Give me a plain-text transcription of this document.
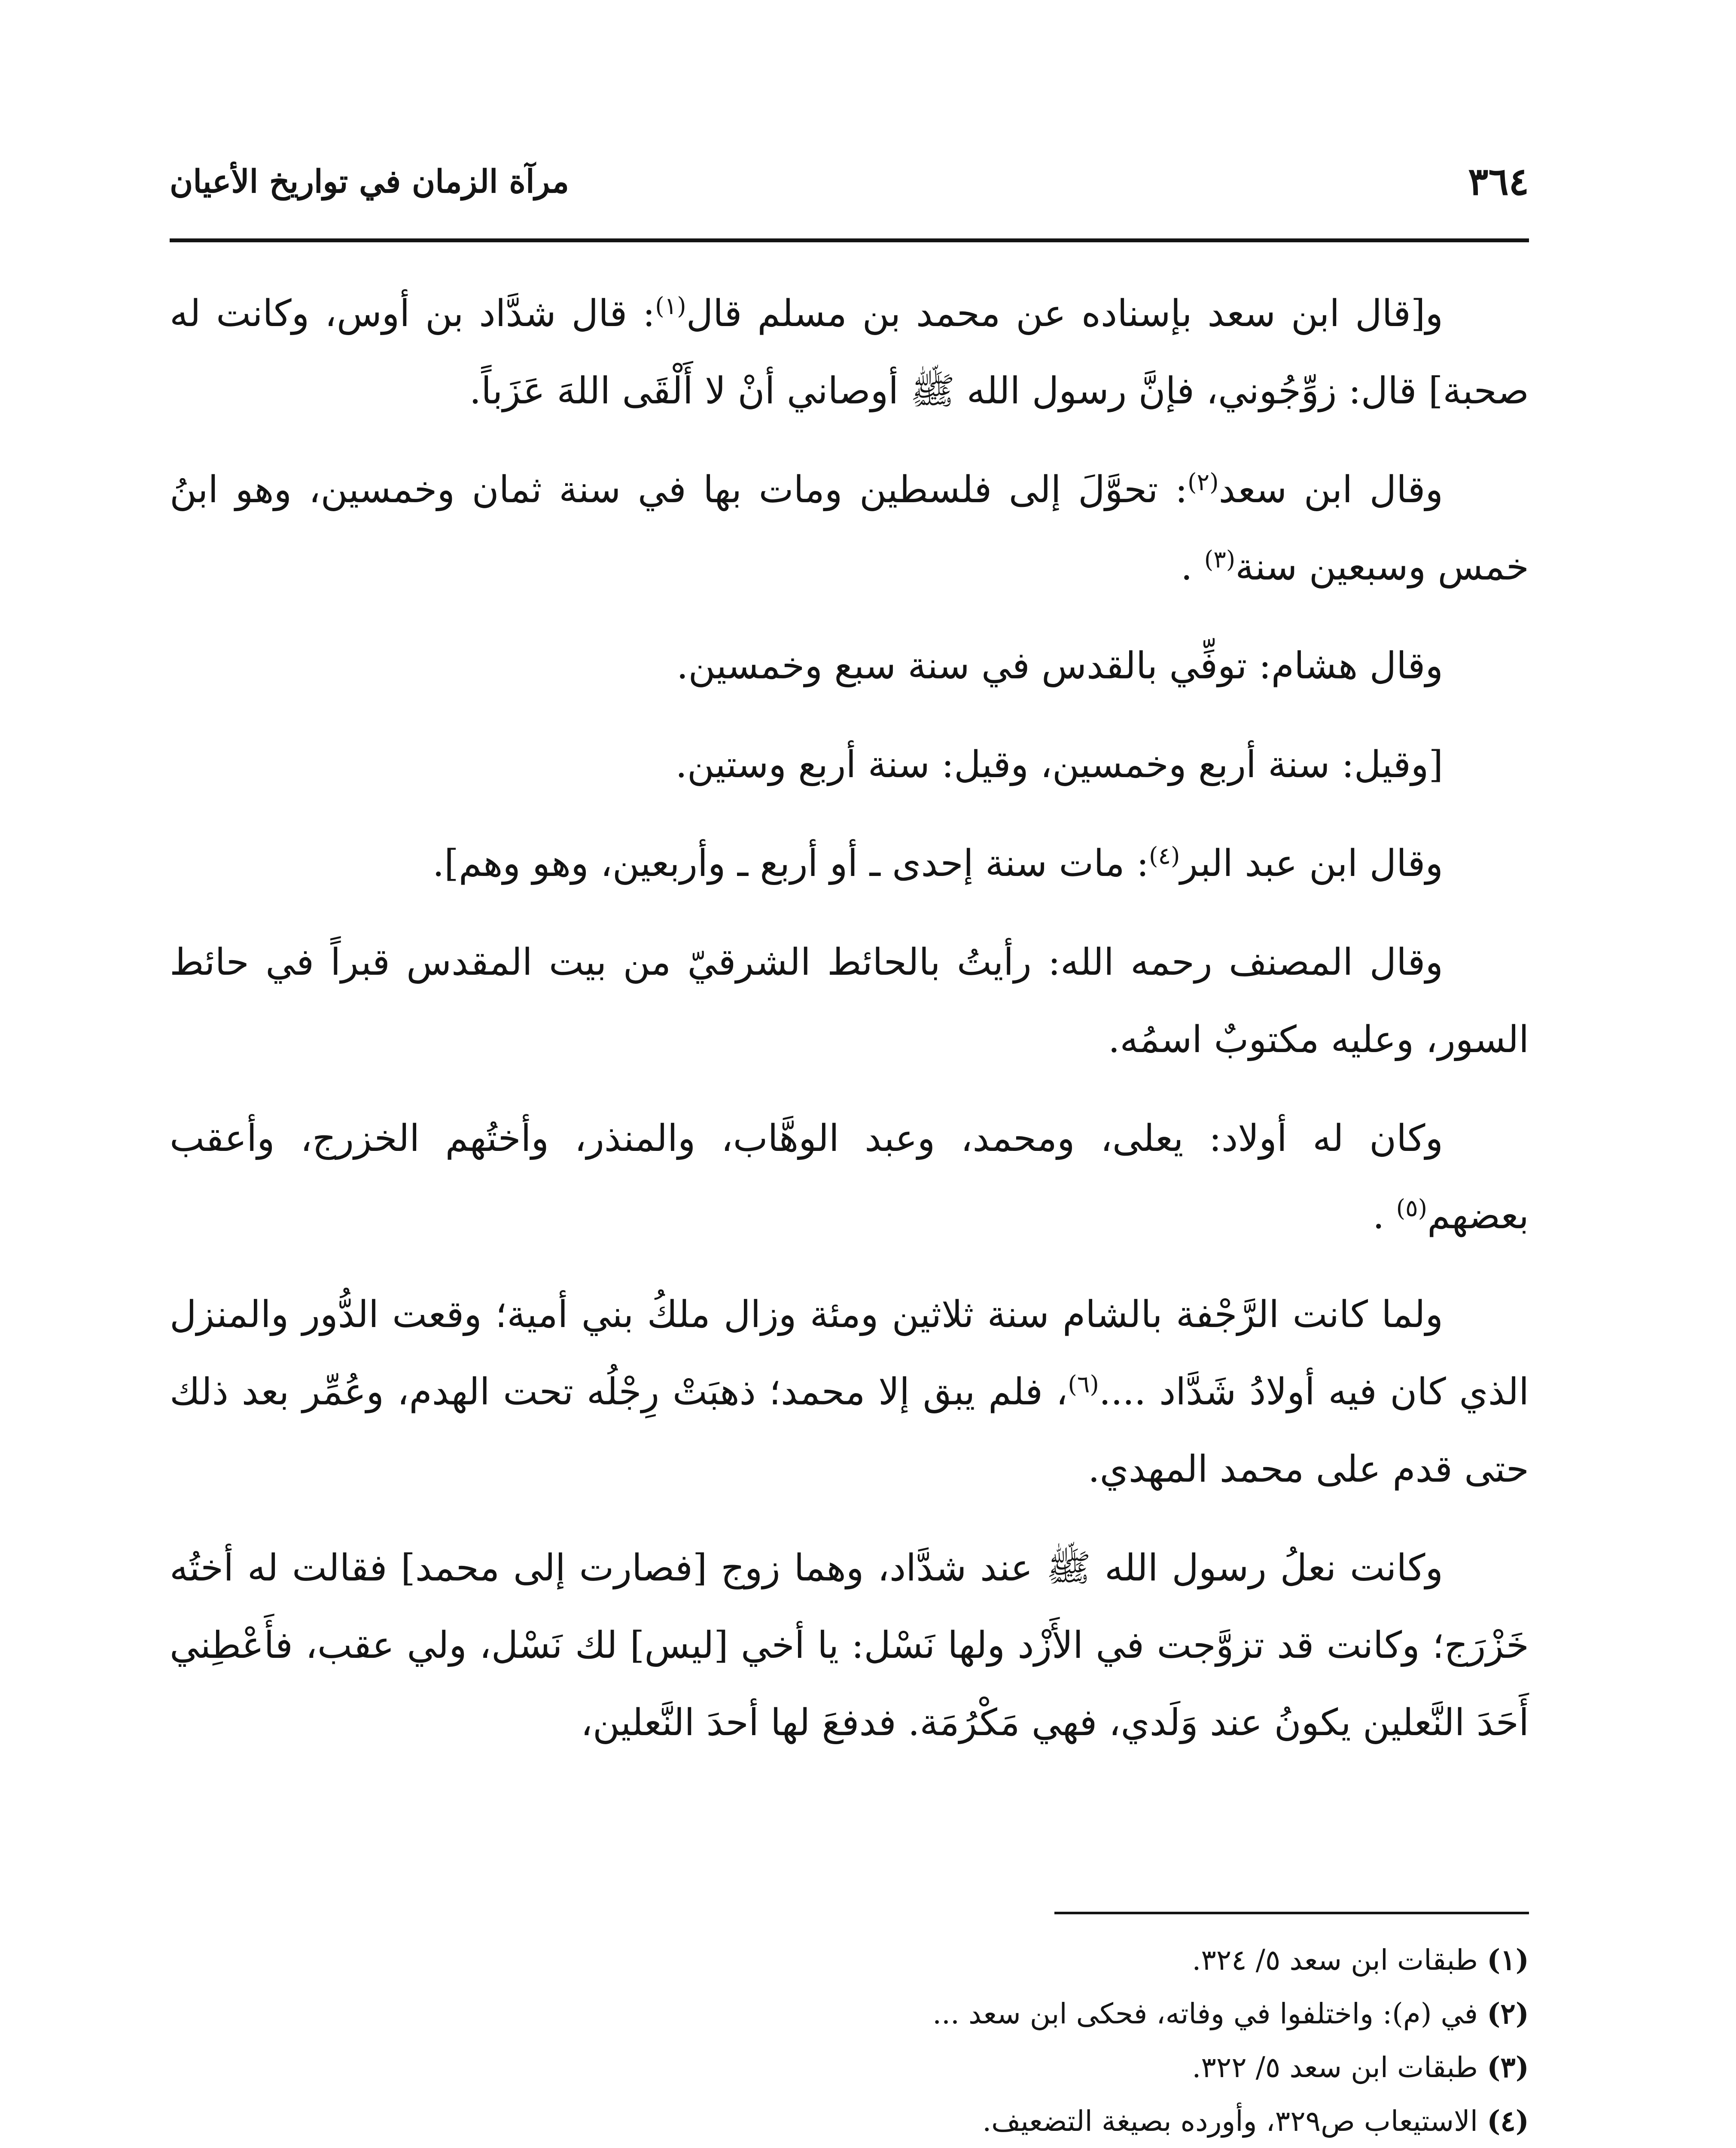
٣٦٤
مرآة الزمان في تواريخ الأعيان

و[قال ابن سعد بإسناده عن محمد بن مسلم قال$^{(١)}$: قال شدَّاد بن أوس، وكانت له صحبة] قال: زوِّجُوني، فإنَّ رسول الله ﷺ أوصاني أنْ لا أَلْقَى اللهَ عَزَباً.

وقال ابن سعد$^{(٢)}$: تحوَّلَ إلى فلسطين ومات بها في سنة ثمان وخمسين، وهو ابنُ خمس وسبعين سنة$^{(٣)}$ .

وقال هشام: توفِّي بالقدس في سنة سبع وخمسين.

[وقيل: سنة أربع وخمسين، وقيل: سنة أربع وستين.

وقال ابن عبد البر$^{(٤)}$: مات سنة إحدى ـ أو أربع ـ وأربعين، وهو وهم].

وقال المصنف رحمه الله: رأيتُ بالحائط الشرقيّ من بيت المقدس قبراً في حائط السور، وعليه مكتوبٌ اسمُه.

وكان له أولاد: يعلى، ومحمد، وعبد الوهَّاب، والمنذر، وأختُهم الخزرج، وأعقب بعضهم$^{(٥)}$ .

ولما كانت الرَّجْفة بالشام سنة ثلاثين ومئة وزال ملكُ بني أمية؛ وقعت الدُّور والمنزل الذي كان فيه أولادُ شَدَّاد ....$^{(٦)}$، فلم يبق إلا محمد؛ ذهبَتْ رِجْلُه تحت الهدم، وعُمِّر بعد ذلك حتى قدم على محمد المهدي.

وكانت نعلُ رسول الله ﷺ عند شدَّاد، وهما زوج [فصارت إلى محمد] فقالت له أختُه خَزْرَج؛ وكانت قد تزوَّجت في الأَزْد ولها نَسْل: يا أخي [ليس] لك نَسْل، ولي عقب، فأَعْطِني أَحَدَ النَّعلين يكونُ عند وَلَدي، فهي مَكْرُمَة. فدفعَ لها أحدَ النَّعلين،

(١) طبقات ابن سعد ٥/ ٣٢٤.

(٢) في (م): واختلفوا في وفاته، فحكى ابن سعد ...

(٣) طبقات ابن سعد ٥/ ٣٢٢.

(٤) الاستيعاب ص٣٢٩، وأورده بصيغة التضعيف.
